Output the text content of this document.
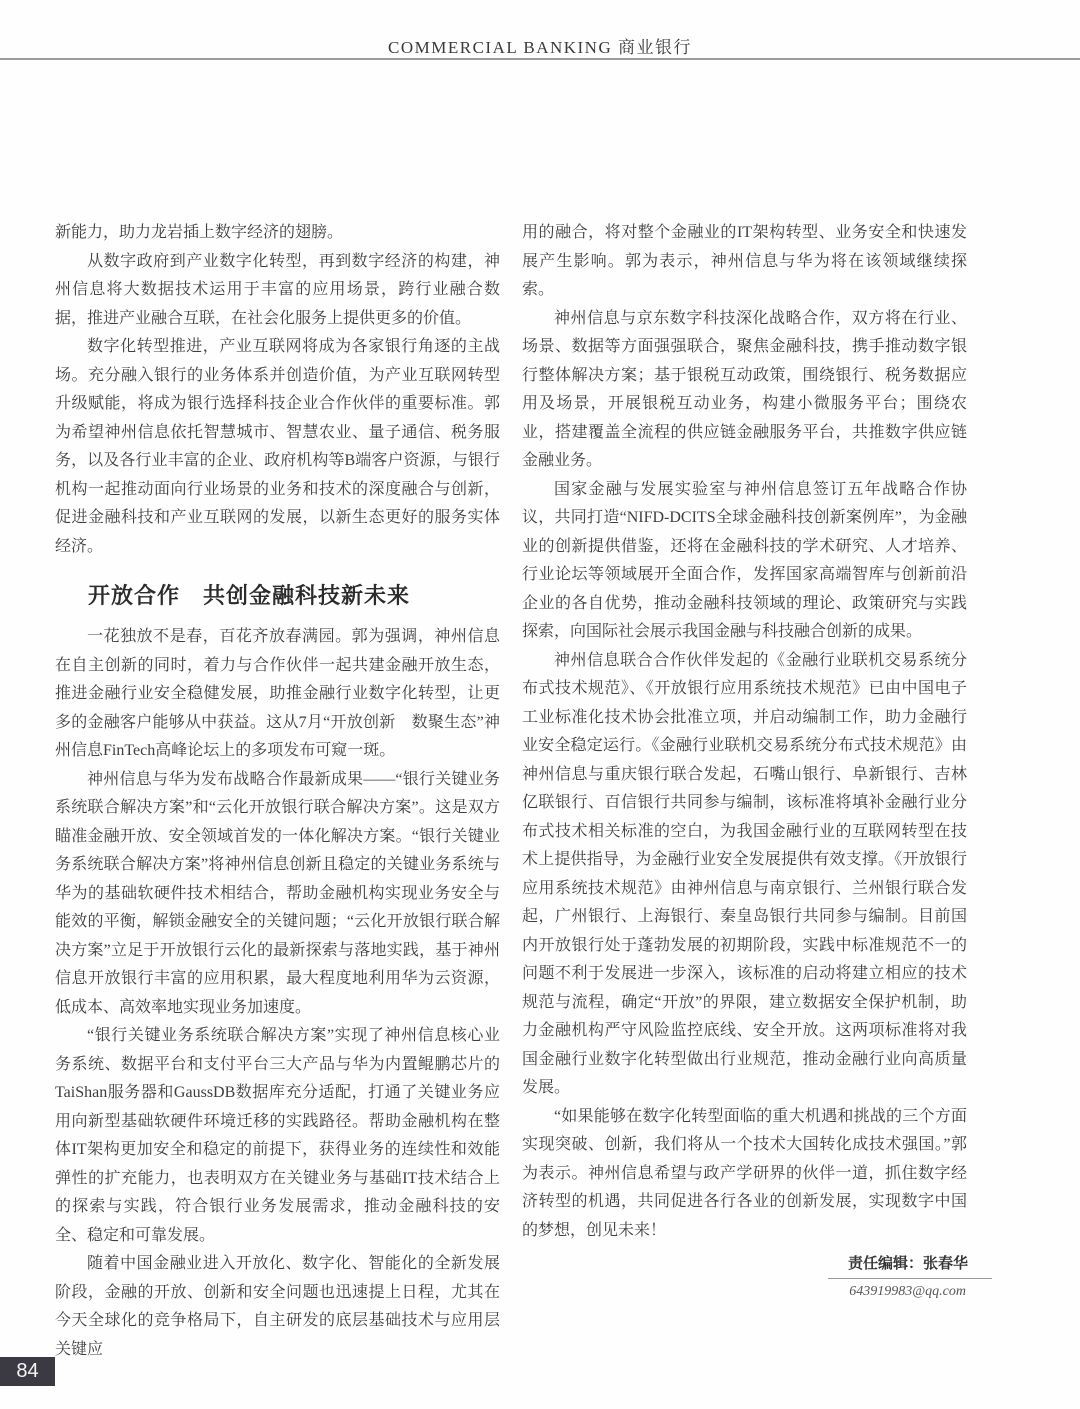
COMMERCIAL BANKING 商业银行

新能力，助力龙岩插上数字经济的翅膀。

从数字政府到产业数字化转型，再到数字经济的构建，神州信息将大数据技术运用于丰富的应用场景，跨行业融合数据，推进产业融合互联，在社会化服务上提供更多的价值。

数字化转型推进，产业互联网将成为各家银行角逐的主战场。充分融入银行的业务体系并创造价值，为产业互联网转型升级赋能，将成为银行选择科技企业合作伙伴的重要标准。郭为希望神州信息依托智慧城市、智慧农业、量子通信、税务服务，以及各行业丰富的企业、政府机构等B端客户资源，与银行机构一起推动面向行业场景的业务和技术的深度融合与创新，促进金融科技和产业互联网的发展，以新生态更好的服务实体经济。

开放合作　共创金融科技新未来

一花独放不是春，百花齐放春满园。郭为强调，神州信息在自主创新的同时，着力与合作伙伴一起共建金融开放生态，推进金融行业安全稳健发展，助推金融行业数字化转型，让更多的金融客户能够从中获益。这从7月“开放创新　数聚生态”神州信息FinTech高峰论坛上的多项发布可窥一斑。

神州信息与华为发布战略合作最新成果——“银行关键业务系统联合解决方案”和“云化开放银行联合解决方案”。这是双方瞄准金融开放、安全领域首发的一体化解决方案。“银行关键业务系统联合解决方案”将神州信息创新且稳定的关键业务系统与华为的基础软硬件技术相结合，帮助金融机构实现业务安全与能效的平衡，解锁金融安全的关键问题；“云化开放银行联合解决方案”立足于开放银行云化的最新探索与落地实践，基于神州信息开放银行丰富的应用积累，最大程度地利用华为云资源，低成本、高效率地实现业务加速度。

“银行关键业务系统联合解决方案”实现了神州信息核心业务系统、数据平台和支付平台三大产品与华为内置鲲鹏芯片的TaiShan服务器和GaussDB数据库充分适配，打通了关键业务应用向新型基础软硬件环境迁移的实践路径。帮助金融机构在整体IT架构更加安全和稳定的前提下，获得业务的连续性和效能弹性的扩充能力，也表明双方在关键业务与基础IT技术结合上的探索与实践，符合银行业务发展需求，推动金融科技的安全、稳定和可靠发展。

随着中国金融业进入开放化、数字化、智能化的全新发展阶段，金融的开放、创新和安全问题也迅速提上日程，尤其在今天全球化的竞争格局下，自主研发的底层基础技术与应用层关键应

用的融合，将对整个金融业的IT架构转型、业务安全和快速发展产生影响。郭为表示，神州信息与华为将在该领域继续探索。

神州信息与京东数字科技深化战略合作，双方将在行业、场景、数据等方面强强联合，聚焦金融科技，携手推动数字银行整体解决方案；基于银税互动政策，围绕银行、税务数据应用及场景，开展银税互动业务，构建小微服务平台；围绕农业，搭建覆盖全流程的供应链金融服务平台，共推数字供应链金融业务。

国家金融与发展实验室与神州信息签订五年战略合作协议，共同打造“NIFD-DCITS全球金融科技创新案例库”，为金融业的创新提供借鉴，还将在金融科技的学术研究、人才培养、行业论坛等领域展开全面合作，发挥国家高端智库与创新前沿企业的各自优势，推动金融科技领域的理论、政策研究与实践探索，向国际社会展示我国金融与科技融合创新的成果。

神州信息联合合作伙伴发起的《金融行业联机交易系统分布式技术规范》、《开放银行应用系统技术规范》已由中国电子工业标准化技术协会批准立项，并启动编制工作，助力金融行业安全稳定运行。《金融行业联机交易系统分布式技术规范》由神州信息与重庆银行联合发起，石嘴山银行、阜新银行、吉林亿联银行、百信银行共同参与编制，该标准将填补金融行业分布式技术相关标准的空白，为我国金融行业的互联网转型在技术上提供指导，为金融行业安全发展提供有效支撑。《开放银行应用系统技术规范》由神州信息与南京银行、兰州银行联合发起，广州银行、上海银行、秦皇岛银行共同参与编制。目前国内开放银行处于蓬勃发展的初期阶段，实践中标准规范不一的问题不利于发展进一步深入，该标准的启动将建立相应的技术规范与流程，确定“开放”的界限，建立数据安全保护机制，助力金融机构严守风险监控底线、安全开放。这两项标准将对我国金融行业数字化转型做出行业规范，推动金融行业向高质量发展。

“如果能够在数字化转型面临的重大机遇和挑战的三个方面实现突破、创新，我们将从一个技术大国转化成技术强国。”郭为表示。神州信息希望与政产学研界的伙伴一道，抓住数字经济转型的机遇，共同促进各行各业的创新发展，实现数字中国的梦想，创见未来！

责任编辑：张春华
643919983@qq.com
84
